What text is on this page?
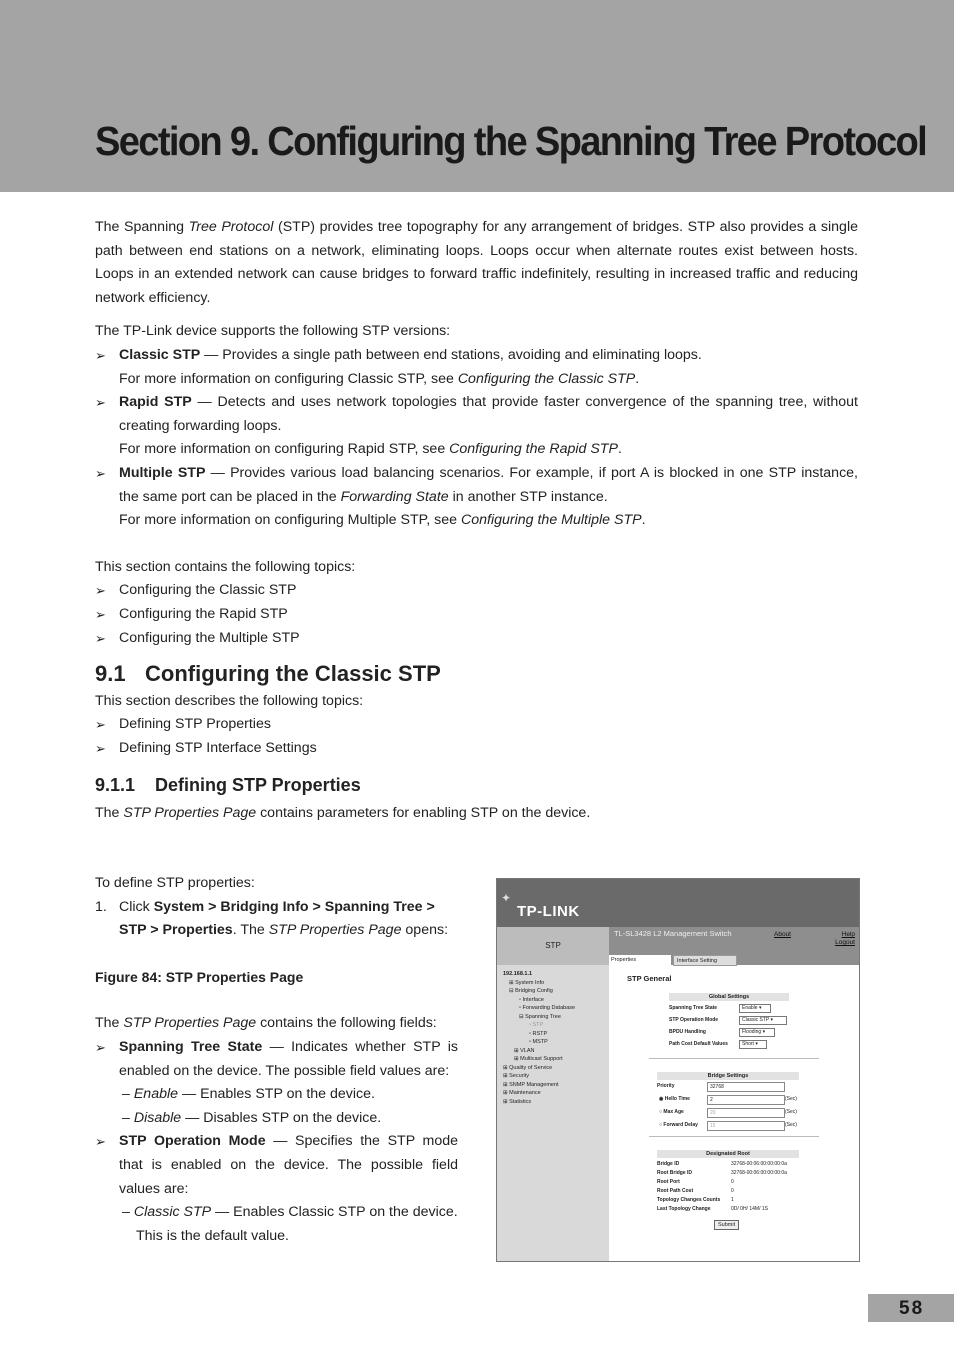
Section 9. Configuring the Spanning Tree Protocol

The Spanning Tree Protocol (STP) provides tree topography for any arrangement of bridges. STP also provides a single path between end stations on a network, eliminating loops. Loops occur when alternate routes exist between hosts. Loops in an extended network can cause bridges to forward traffic indefinitely, resulting in increased traffic and reducing network efficiency.

The TP-Link device supports the following STP versions:

➢ Classic STP — Provides a single path between end stations, avoiding and eliminating loops.
For more information on configuring Classic STP, see Configuring the Classic STP.
➢ Rapid STP — Detects and uses network topologies that provide faster convergence of the spanning tree, without creating forwarding loops.
For more information on configuring Rapid STP, see Configuring the Rapid STP.
➢ Multiple STP — Provides various load balancing scenarios. For example, if port A is blocked in one STP instance, the same port can be placed in the Forwarding State in another STP instance.
For more information on configuring Multiple STP, see Configuring the Multiple STP.

This section contains the following topics:

➢ Configuring the Classic STP
➢ Configuring the Rapid STP
➢ Configuring the Multiple STP
9.1 Configuring the Classic STP

This section describes the following topics:

➢ Defining STP Properties
➢ Defining STP Interface Settings
9.1.1 Defining STP Properties

The STP Properties Page contains parameters for enabling STP on the device.

To define STP properties:

1. Click System > Bridging Info > Spanning Tree > STP > Properties. The STP Properties Page opens:

Figure 84: STP Properties Page

The STP Properties Page contains the following fields:

➢ Spanning Tree State — Indicates whether STP is enabled on the device. The possible field values are:
– Enable — Enables STP on the device.
– Disable — Disables STP on the device.
➢ STP Operation Mode — Specifies the STP mode that is enabled on the device. The possible field values are:
– Classic STP — Enables Classic STP on the device.
This is the default value.
✦
TP-LINK
STP
TL-SL3428 L2 Management Switch	About	Help
Logout
Properties	Interface Setting
192.168.1.1
⊞ System Info
⊟ Bridging Config
▫ Interface
▫ Forwarding Database
⊟ Spanning Tree
▫ STP
▫ RSTP
▫ MSTP
⊞ VLAN
⊞ Multicast Support
⊞ Quality of Service
⊞ Security
⊞ SNMP Management
⊞ Maintenance
⊞ Statistics
STP General
Global Settings
Spanning Tree State	Enable ▾
STP Operation Mode	Classic STP ▾
BPDU Handling	Flooding ▾
Path Cost Default Values	Short ▾
Bridge Settings
Priority	32768
◉ Hello Time	2	(Sec)
○ Max Age	20	(Sec)
○ Forward Delay	15	(Sec)
Designated Root
Bridge ID	32768-00:06:00:00:00:0a
Root Bridge ID	32768-00:06:00:00:00:0a
Root Port	0
Root Path Cost	0
Topology Changes Counts 1
Last Topology Change	0D/ 0H/ 14M/ 1S
Submit
58
